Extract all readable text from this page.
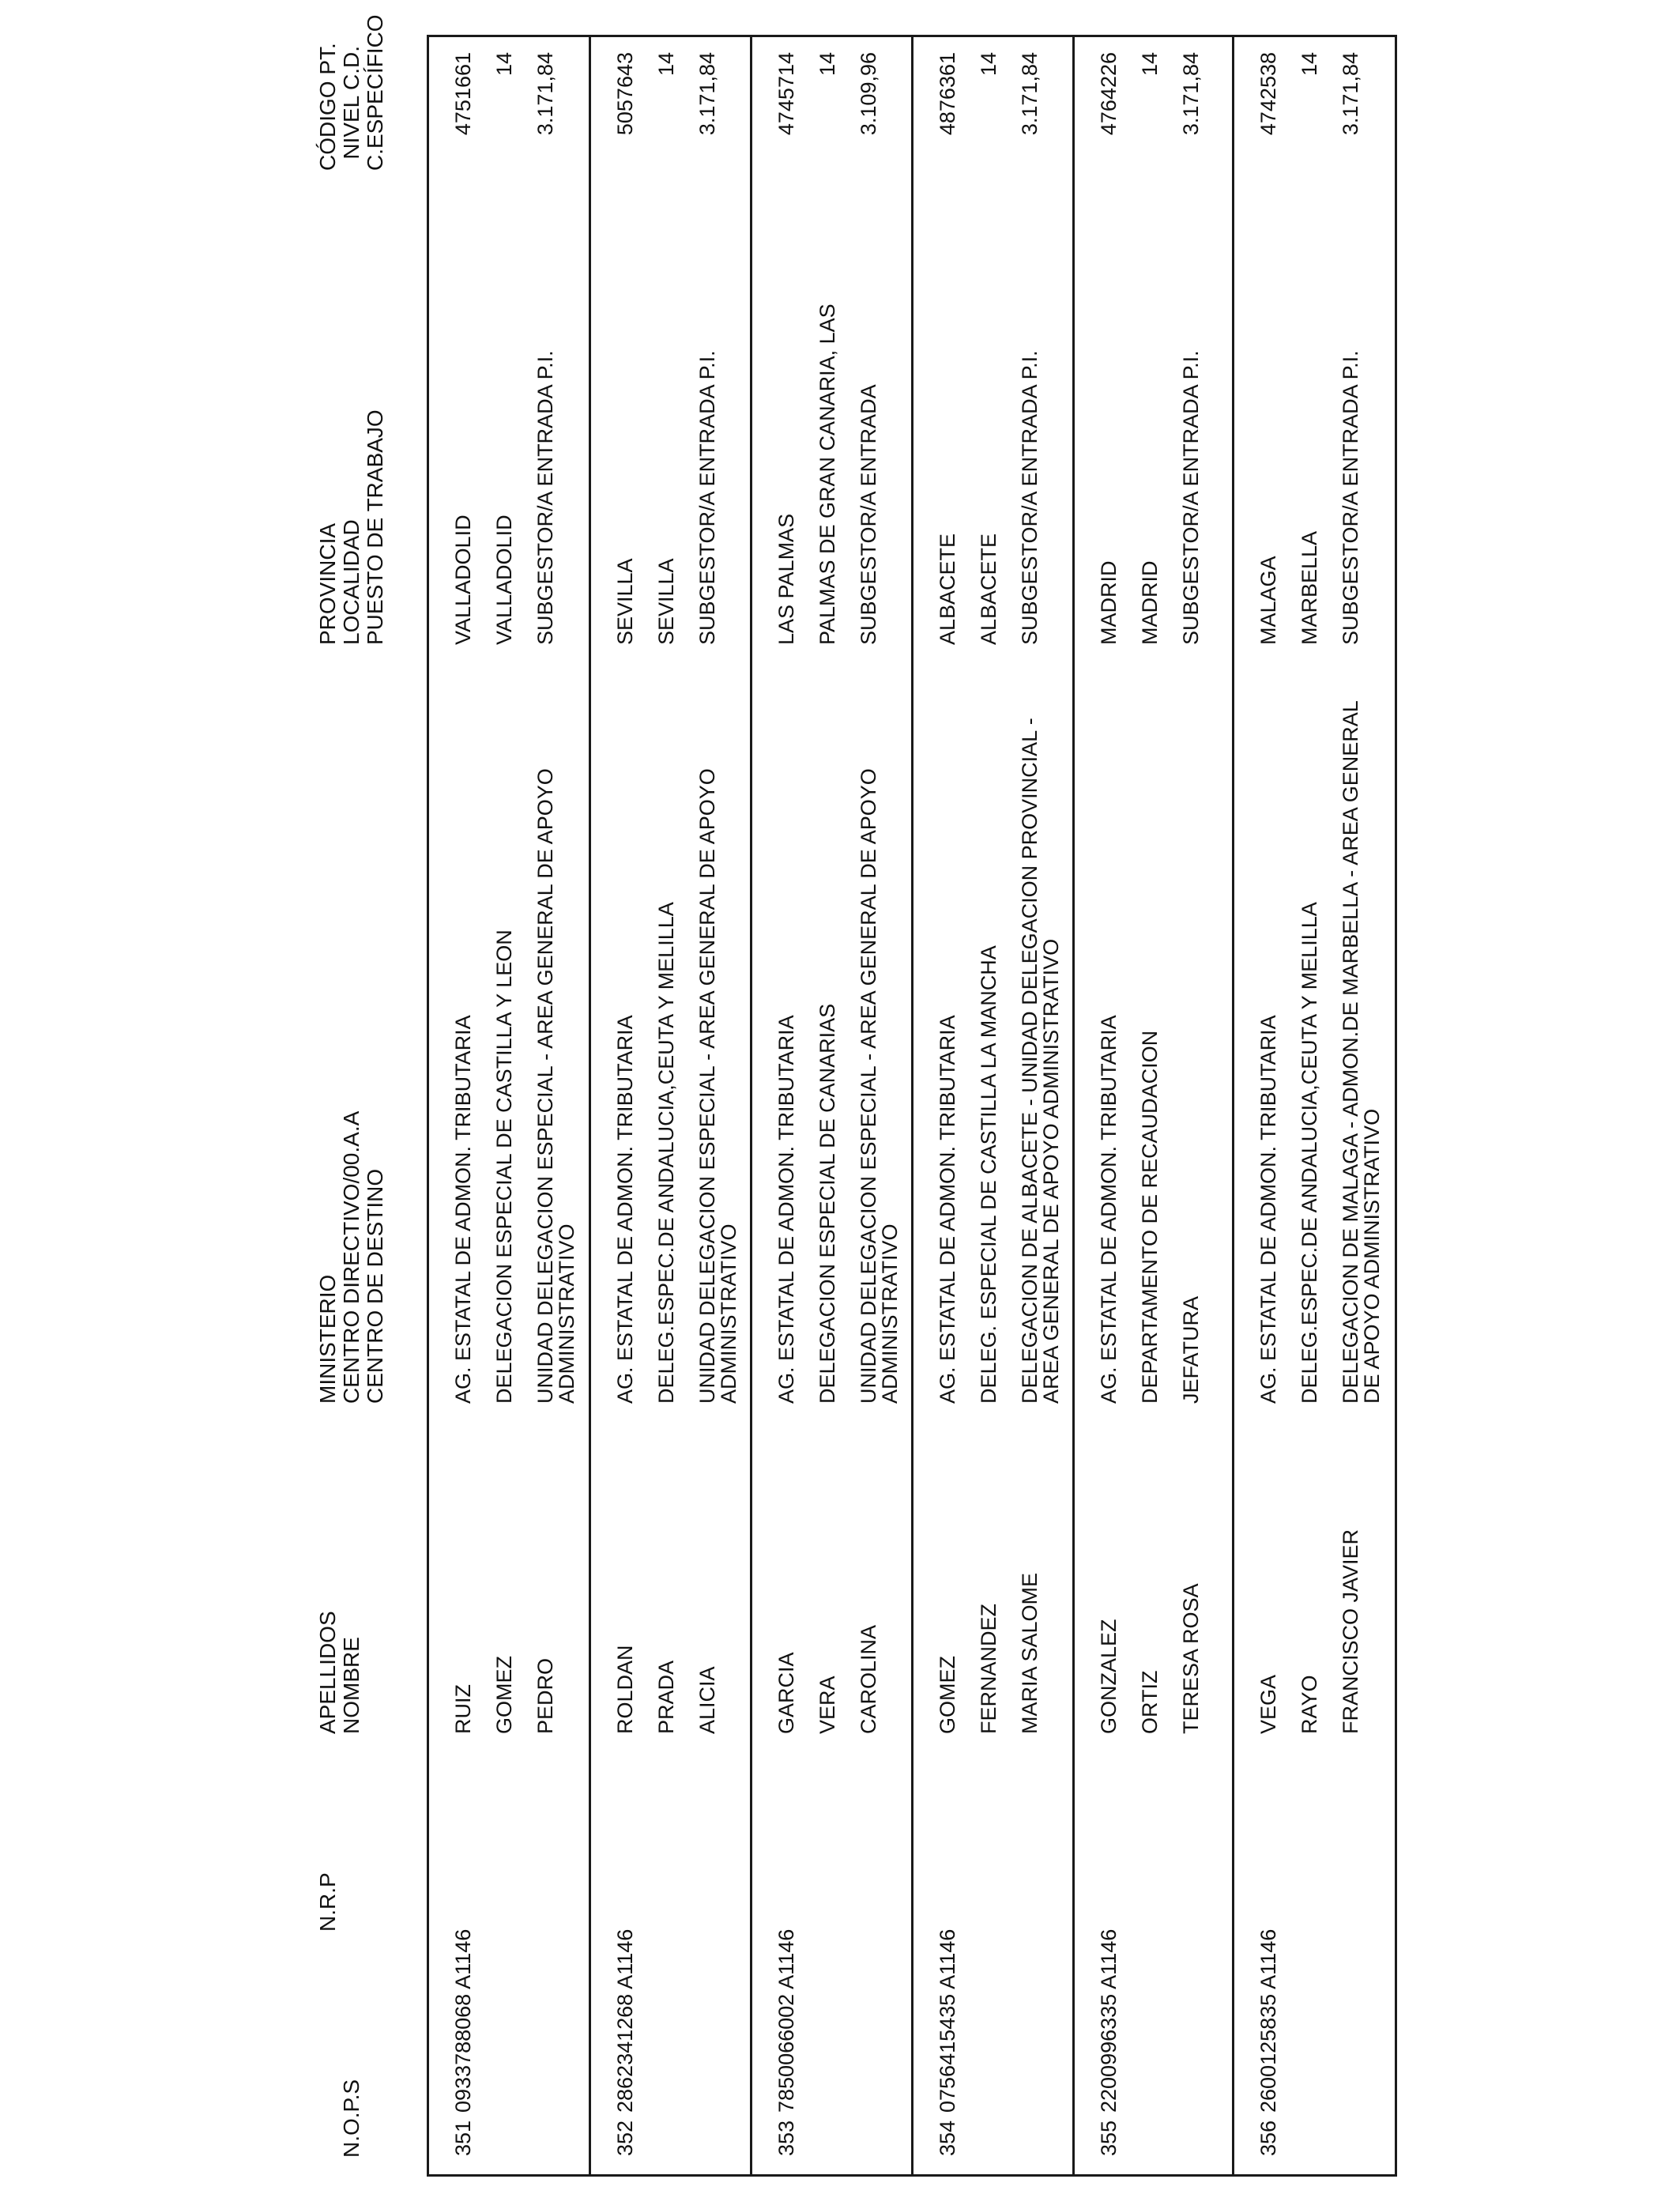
N.O.P.S
N.R.P
APELLIDOS NOMBRE
MINISTERIO CENTRO DIRECTIVO/00.A.A CENTRO DE DESTINO
PROVINCIA LOCALIDAD PUESTO DE TRABAJO
CÓDIGO PT. NIVEL C.D. C.ESPECÍFICO
351
0933788068 A1146
RUIZ GOMEZ PEDRO
AG. ESTATAL DE ADMON. TRIBUTARIA DELEGACION ESPECIAL DE CASTILLA Y LEON UNIDAD DELEGACION ESPECIAL - AREA GENERAL DE APOYO ADMINISTRATIVO
VALLADOLID VALLADOLID SUBGESTOR/A ENTRADA P.I.
4751661 14 3.171,84
352
2862341268 A1146
ROLDAN PRADA ALICIA
AG. ESTATAL DE ADMON. TRIBUTARIA DELEG.ESPEC.DE ANDALUCIA,CEUTA Y MELILLA UNIDAD DELEGACION ESPECIAL - AREA GENERAL DE APOYO ADMINISTRATIVO
SEVILLA SEVILLA SUBGESTOR/A ENTRADA P.I.
5057643 14 3.171,84
353
7850066002 A1146
GARCIA VERA CAROLINA
AG. ESTATAL DE ADMON. TRIBUTARIA DELEGACION ESPECIAL DE CANARIAS UNIDAD DELEGACION ESPECIAL - AREA GENERAL DE APOYO ADMINISTRATIVO
LAS PALMAS PALMAS DE GRAN CANARIA, LAS SUBGESTOR/A ENTRADA
4745714 14 3.109,96
354
0756415435 A1146
GOMEZ FERNANDEZ MARIA SALOME
AG. ESTATAL DE ADMON. TRIBUTARIA DELEG. ESPECIAL DE CASTILLA LA MANCHA DELEGACION DE ALBACETE - UNIDAD DELEGACION PROVINCIAL - AREA GENERAL DE APOYO ADMINISTRATIVO
ALBACETE ALBACETE SUBGESTOR/A ENTRADA P.I.
4876361 14 3.171,84
355
2200996335 A1146
GONZALEZ ORTIZ TERESA ROSA
AG. ESTATAL DE ADMON. TRIBUTARIA DEPARTAMENTO DE RECAUDACION JEFATURA
MADRID MADRID SUBGESTOR/A ENTRADA P.I.
4764226 14 3.171,84
356
2600125835 A1146
VEGA RAYO FRANCISCO JAVIER
AG. ESTATAL DE ADMON. TRIBUTARIA DELEG.ESPEC.DE ANDALUCIA,CEUTA Y MELILLA DELEGACION DE MALAGA - ADMON.DE MARBELLA - AREA GENERAL DE APOYO ADMINISTRATIVO
MALAGA MARBELLA SUBGESTOR/A ENTRADA P.I.
4742538 14 3.171,84
